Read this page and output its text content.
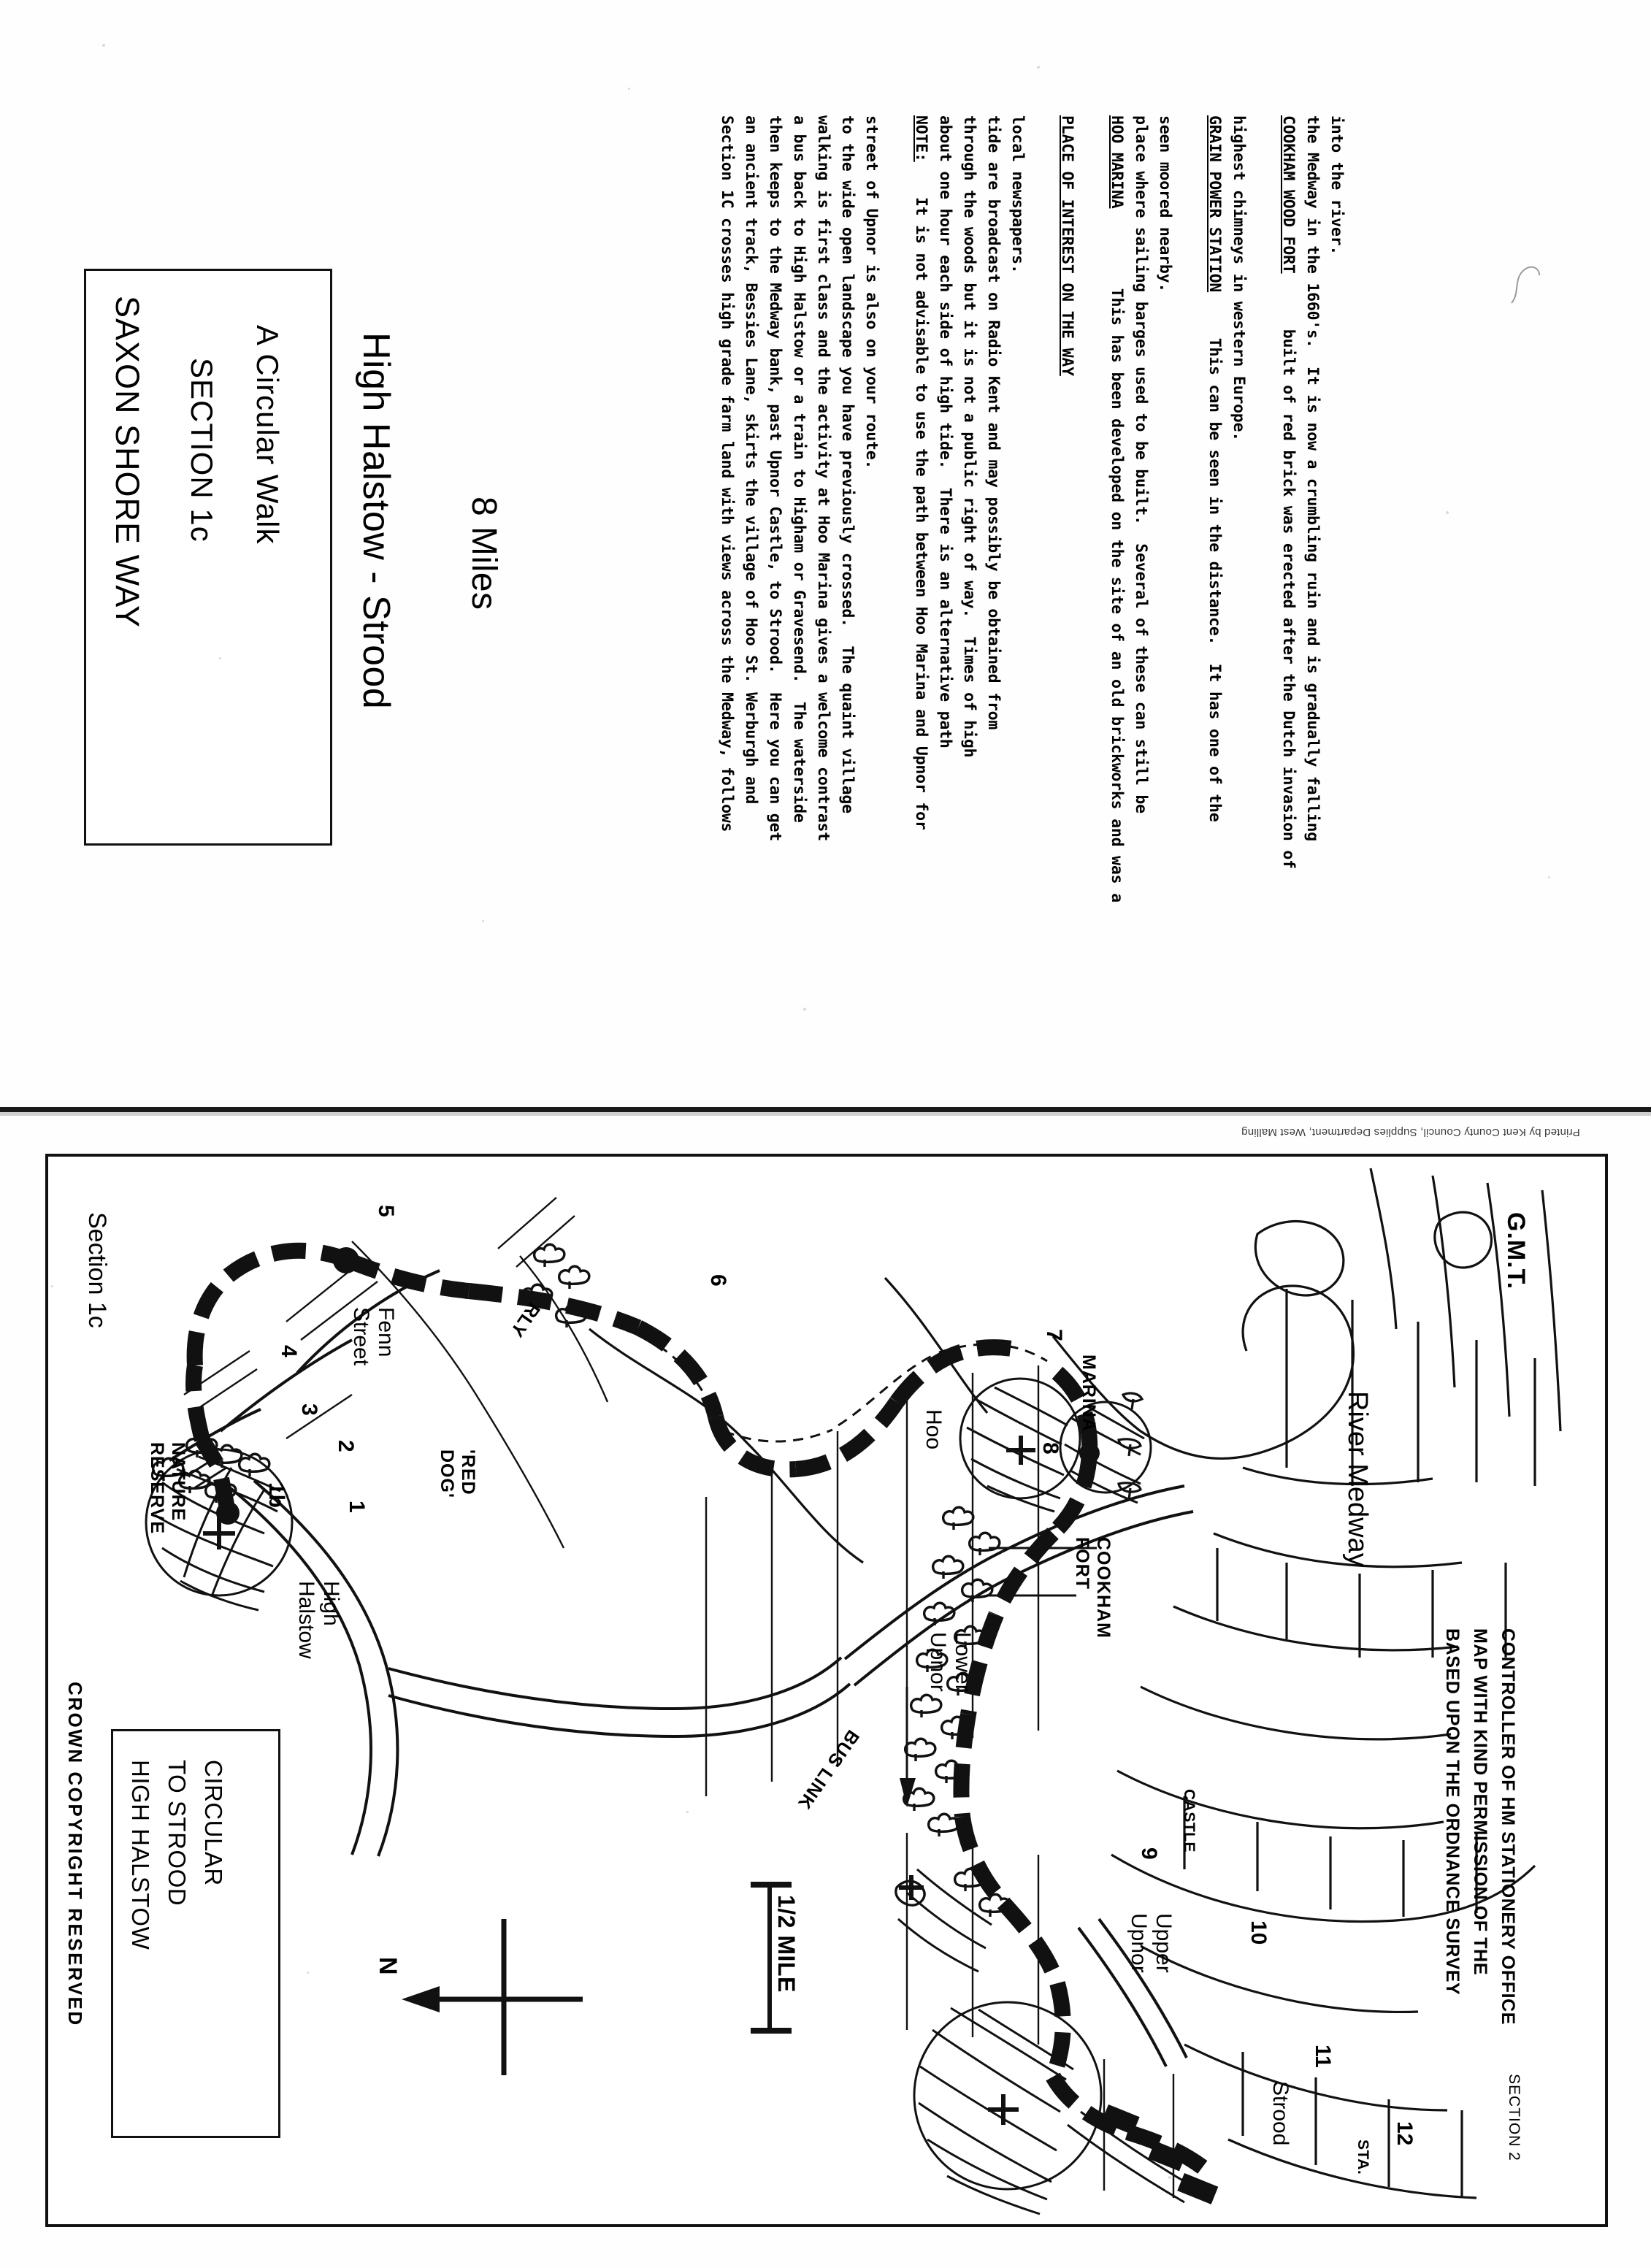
SAXON SHORE WAY SECTION 1c A Circular Walk High Halstow - Strood 8 Miles	Section 1C crosses high grade farm land with views across the Medway, follows an ancient track, Bessies Lane, skirts the village of Hoo St. Werburgh and then keeps to the Medway bank, past Upnor Castle, to Strood.  Here you can get a bus back to High Halstow or a train to Higham or Gravesend.  The waterside walking is first class and the activity at Hoo Marina gives a welcome contrast to the wide open landscape you have previously crossed.  The quaint village street of Upnor is also on your route. NOTE:
It is not advisable to use the path between Hoo Marina and Upnor for about one hour each side of high tide.  There is an alternative path through the woods but it is not a public right of way.  Times of high tide are broadcast on Radio Kent and may possibly be obtained from local newspapers. PLACE OF INTEREST ON THE WAY HOO MARINA
This has been developed on the site of an old brickworks and was a place where sailing barges used to be built.  Several of these can still be seen moored nearby. GRAIN POWER STATION
This can be seen in the distance.  It has one of the
highest chimneys in western Europe. COOKHAM WOOD FORT
built of red brick was erected after the Dutch invasion of the Medway in the 1660's.  It is now a crumbling ruin and is gradually falling into the river.
Printed by Kent County Council, Supplies Department, West Malling
CROWN COPYRIGHT RESERVED HIGH HALSTOW TO STROOD CIRCULAR
Section 1c
N	1/2 MILE
High
Halstow
NATURE
RESERVE	'RED
DOG'
Fenn
Street	RLY
Hoo	MARINA
COOKHAM
FORT
Lower
Upnor
CASTLE
Upper
Upnor
Strood
STA.
BUS LINK
River Medway
1
1b
2
3
4
5
6
7
8
9
10
11
12
BASED UPON THE ORDNANCE SURVEY MAP WITH KIND PERMISSION OF THE CONTROLLER OF HM STATIONERY OFFICE
G.M.T.
SECTION 2
